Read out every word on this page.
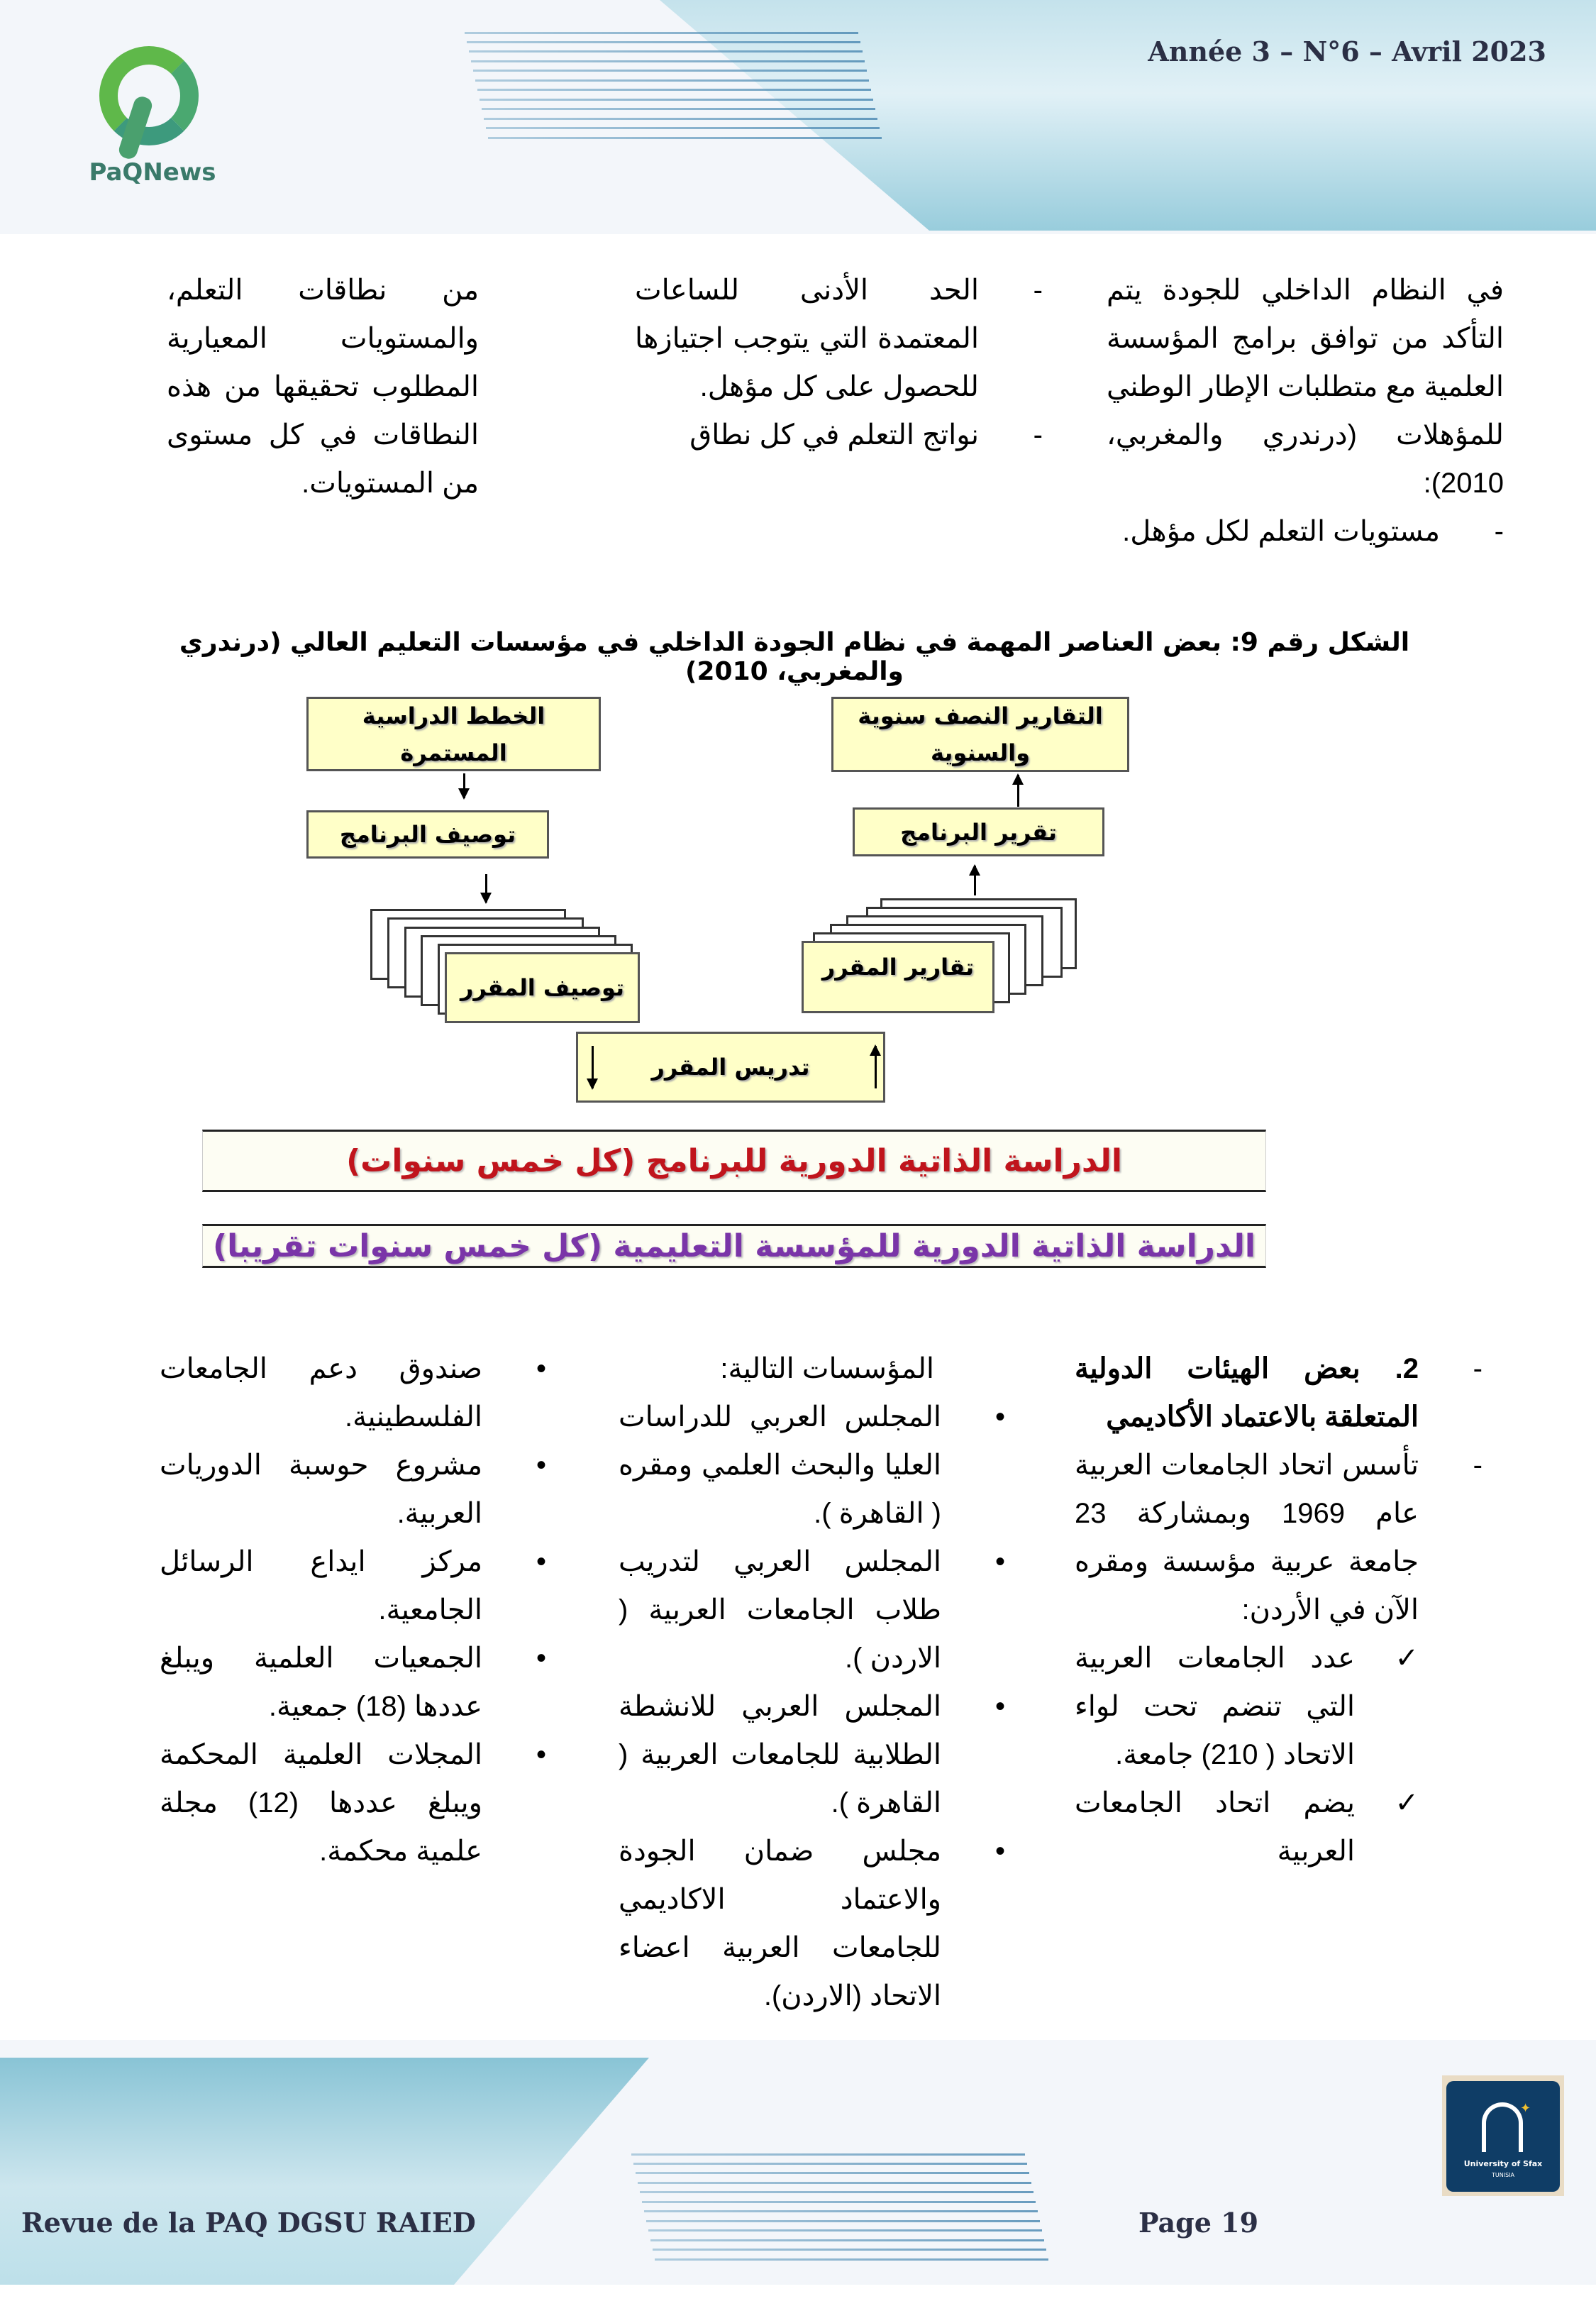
PaQNews
Année 3 – N°6 – Avril 2023
في النظام الداخلي للجودة يتم التأكد من توافق برامج المؤسسة العلمية مع متطلبات الإطار الوطني للمؤهلات (درندري والمغربي، 2010):
-
مستويات التعلم لكل مؤهل.
-
الحد الأدنى للساعات المعتمدة التي يتوجب اجتيازها للحصول على كل مؤهل.
-
نواتج التعلم في كل نطاق
من نطاقات التعلم، والمستويات المعيارية المطلوب تحقيقها من هذه النطاقات في كل مستوى من المستويات.
الشكل رقم 9: بعض العناصر المهمة في نظام الجودة الداخلي في مؤسسات التعليم العالي (درندري والمغربي، 2010)
الخطط الدراسية المستمرة
التقارير النصف سنوية والسنوية
توصيف البرنامج	تقرير البرنامج
توصيف المقرر
تقارير المقرر
تدريس المقرر
الدراسة الذاتية الدورية للبرنامج (كل خمس سنوات)
الدراسة الذاتية الدورية للمؤسسة التعليمية (كل خمس سنوات تقريبا)
-
2. بعض الهيئات الدولية المتعلقة بالاعتماد الأكاديمي
-
تأسس اتحاد الجامعات العربية عام 1969 وبمشاركة 23 جامعة عربية مؤسسة ومقره الآن في الأردن:
✓
عدد الجامعات العربية التي تنضم تحت لواء الاتحاد ( 210) جامعة.
✓
يضم اتحاد الجامعات العربية
المؤسسات التالية:
•
المجلس العربي للدراسات العليا والبحث العلمي ومقره ( القاهرة ).
•
المجلس العربي لتدريب طلاب الجامعات العربية ( الاردن ).
•
المجلس العربي للانشطة الطلابية للجامعات العربية ( القاهرة ).
•
مجلس ضمان الجودة والاعتماد الاكاديمي للجامعات العربية اعضاء الاتحاد (الاردن).
•
صندوق دعم الجامعات الفلسطينية.
•
مشروع حوسبة الدوريات العربية.
•
مركز ايداع الرسائل الجامعية.
•
الجمعيات العلمية ويبلغ عددها (18) جمعية.
•
المجلات العلمية المحكمة ويبلغ عددها (12) مجلة علمية محكمة.
Revue de la PAQ DGSU RAIED	Page 19
✦
University of Sfax
TUNISIA
